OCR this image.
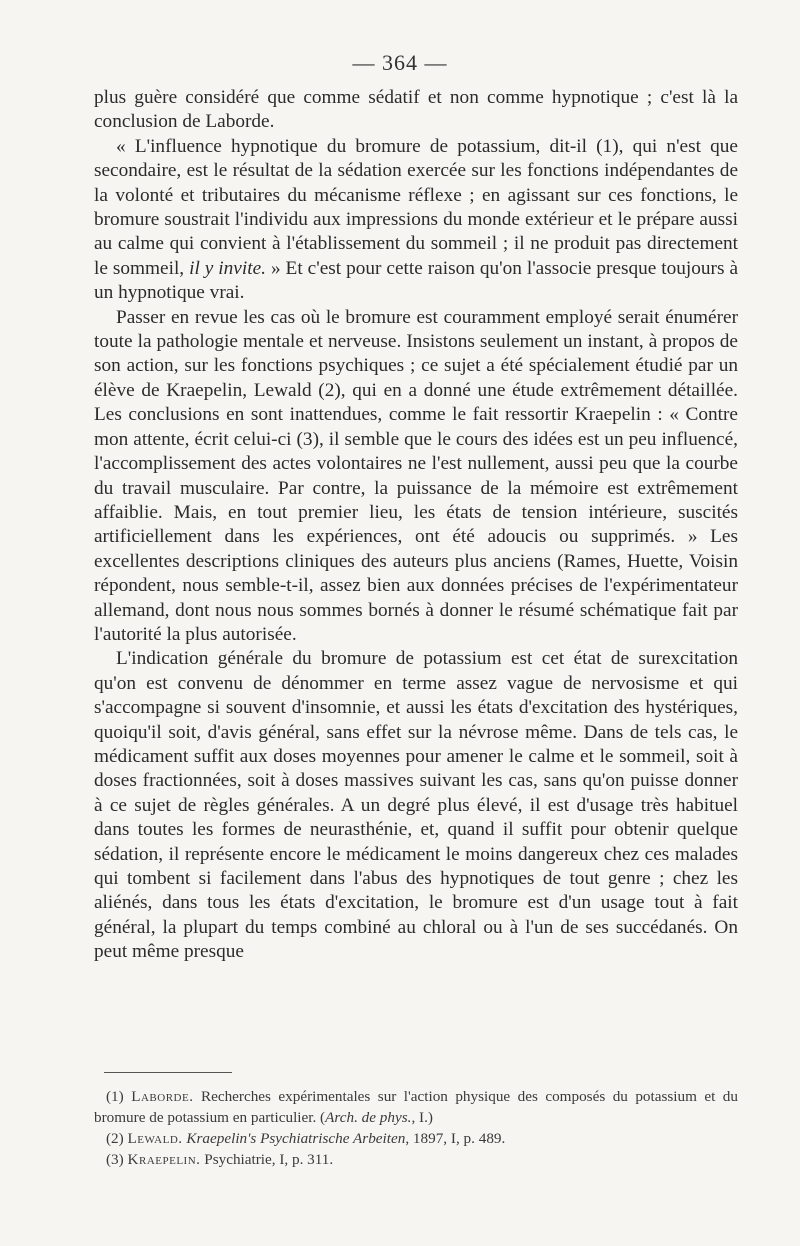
— 364 —

plus guère considéré que comme sédatif et non comme hypnotique ; c'est là la conclusion de Laborde.

« L'influence hypnotique du bromure de potassium, dit-il (1), qui n'est que secondaire, est le résultat de la sédation exercée sur les fonctions indépendantes de la volonté et tributaires du mécanisme réflexe ; en agissant sur ces fonctions, le bromure soustrait l'individu aux impressions du monde extérieur et le prépare aussi au calme qui convient à l'établissement du sommeil ; il ne produit pas directement le sommeil, il y invite. » Et c'est pour cette raison qu'on l'associe presque toujours à un hypnotique vrai.

Passer en revue les cas où le bromure est couramment employé serait énumérer toute la pathologie mentale et nerveuse. Insistons seulement un instant, à propos de son action, sur les fonctions psychiques ; ce sujet a été spécialement étudié par un élève de Kraepelin, Lewald (2), qui en a donné une étude extrêmement détaillée. Les conclusions en sont inattendues, comme le fait ressortir Kraepelin : « Contre mon attente, écrit celui-ci (3), il semble que le cours des idées est un peu influencé, l'accomplissement des actes volontaires ne l'est nullement, aussi peu que la courbe du travail musculaire. Par contre, la puissance de la mémoire est extrêmement affaiblie. Mais, en tout premier lieu, les états de tension intérieure, suscités artificiellement dans les expériences, ont été adoucis ou supprimés. » Les excellentes descriptions cliniques des auteurs plus anciens (Rames, Huette, Voisin répondent, nous semble-t-il, assez bien aux données précises de l'expérimentateur allemand, dont nous nous sommes bornés à donner le résumé schématique fait par l'autorité la plus autorisée.

L'indication générale du bromure de potassium est cet état de surexcitation qu'on est convenu de dénommer en terme assez vague de nervosisme et qui s'accompagne si souvent d'insomnie, et aussi les états d'excitation des hystériques, quoiqu'il soit, d'avis général, sans effet sur la névrose même. Dans de tels cas, le médicament suffit aux doses moyennes pour amener le calme et le sommeil, soit à doses fractionnées, soit à doses massives suivant les cas, sans qu'on puisse donner à ce sujet de règles générales. A un degré plus élevé, il est d'usage très habituel dans toutes les formes de neurasthénie, et, quand il suffit pour obtenir quelque sédation, il représente encore le médicament le moins dangereux chez ces malades qui tombent si facilement dans l'abus des hypnotiques de tout genre ; chez les aliénés, dans tous les états d'excitation, le bromure est d'un usage tout à fait général, la plupart du temps combiné au chloral ou à l'un de ses succédanés. On peut même presque

(1) Laborde. Recherches expérimentales sur l'action physique des composés du potassium et du bromure de potassium en particulier. (Arch. de phys., I.)

(2) Lewald. Kraepelin's Psychiatrische Arbeiten, 1897, I, p. 489.

(3) Kraepelin. Psychiatrie, I, p. 311.
